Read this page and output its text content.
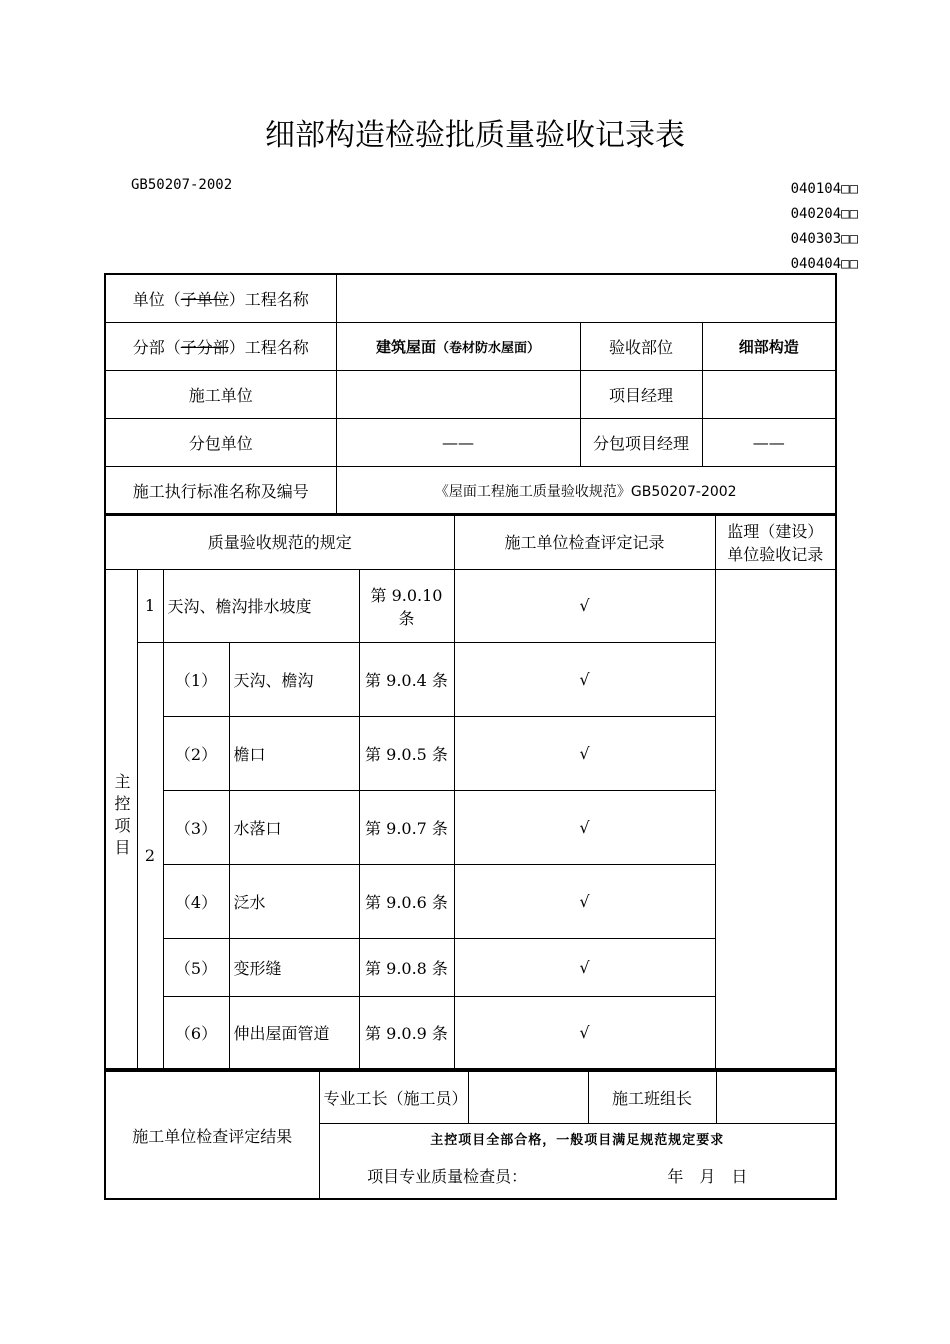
细部构造检验批质量验收记录表
GB50207-2002	040104□□
040204□□
040303□□
040404□□
单位（子单位）工程名称			
分部（子分部）工程名称	建筑屋面（卷材防水屋面）	验收部位	细部构造
施工单位		项目经理	
分包单位	——	分包项目经理	——
施工执行标准名称及编号	《屋面工程施工质量验收规范》GB50207-2002		
质量验收规范的规定					施工单位检查评定记录	监理（建设）
单位验收记录

主控项目	1	天沟、檐沟排水坡度		第 9.0.10 条	√	
	2	（1）	天沟、檐沟	第 9.0.4 条	√	
		（2）	檐口	第 9.0.5 条	√	
		（3）	水落口	第 9.0.7 条	√	
		（4）	泛水	第 9.0.6 条	√	
		（5）	变形缝	第 9.0.8 条	√	
		（6）	伸出屋面管道	第 9.0.9 条	√	
施工单位检查评定结果	专业工长（施工员）		施工班组长	
主控项目全部合格，一般项目满足规范规定要求
项目专业质量检查员：	年　月　日
